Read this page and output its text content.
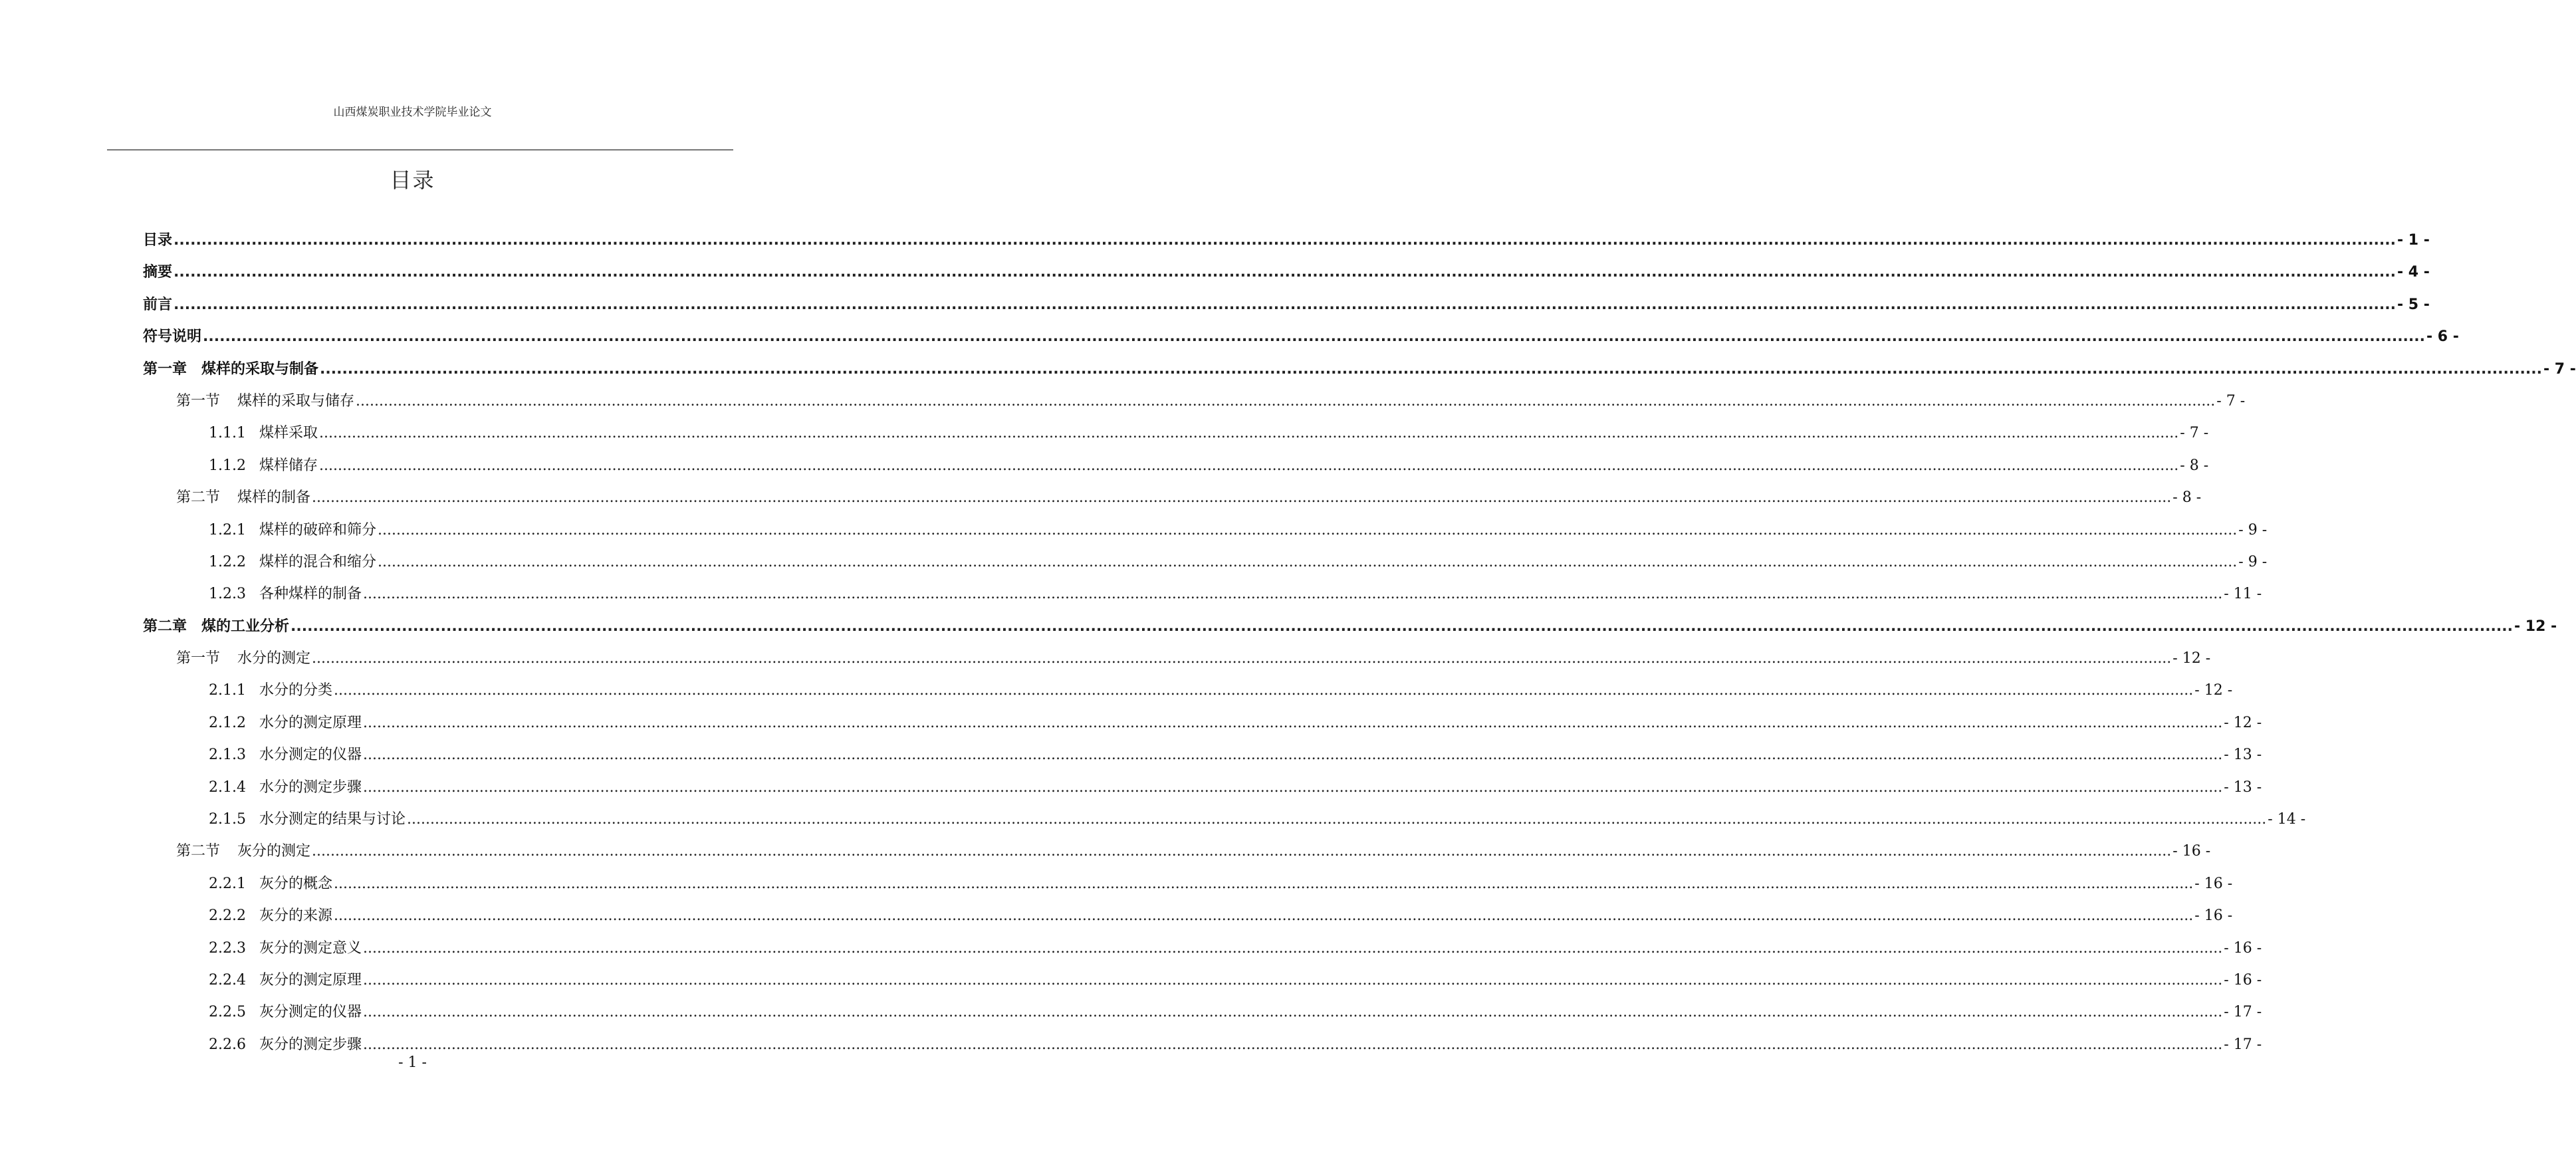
山西煤炭职业技术学院毕业论文
目录
目录 ................................................................................................................................................................................................................................................................................................................................................................................................................ - 1 -
摘要 ................................................................................................................................................................................................................................................................................................................................................................................................................ - 4 -
前言 ................................................................................................................................................................................................................................................................................................................................................................................................................ - 5 -
符号说明 ................................................................................................................................................................................................................................................................................................................................................................................................................ - 6 -
第一章　煤样的采取与制备 ................................................................................................................................................................................................................................................................................................................................................................................................................ - 7 -
第一节 煤样的采取与储存 ................................................................................................................................................................................................................................................................................................................................................................................................................ - 7 -
1.1.1 煤样采取 ................................................................................................................................................................................................................................................................................................................................................................................................................ - 7 -
1.1.2 煤样储存 ................................................................................................................................................................................................................................................................................................................................................................................................................ - 8 -
第二节 煤样的制备 ................................................................................................................................................................................................................................................................................................................................................................................................................ - 8 -
1.2.1 煤样的破碎和筛分 ................................................................................................................................................................................................................................................................................................................................................................................................................ - 9 -
1.2.2 煤样的混合和缩分 ................................................................................................................................................................................................................................................................................................................................................................................................................ - 9 -
1.2.3 各种煤样的制备 ................................................................................................................................................................................................................................................................................................................................................................................................................ - 11 -
第二章　煤的工业分析 ................................................................................................................................................................................................................................................................................................................................................................................................................ - 12 -
第一节 水分的测定 ................................................................................................................................................................................................................................................................................................................................................................................................................ - 12 -
2.1.1 水分的分类 ................................................................................................................................................................................................................................................................................................................................................................................................................ - 12 -
2.1.2 水分的测定原理 ................................................................................................................................................................................................................................................................................................................................................................................................................ - 12 -
2.1.3 水分测定的仪器 ................................................................................................................................................................................................................................................................................................................................................................................................................ - 13 -
2.1.4 水分的测定步骤 ................................................................................................................................................................................................................................................................................................................................................................................................................ - 13 -
2.1.5 水分测定的结果与讨论 ................................................................................................................................................................................................................................................................................................................................................................................................................ - 14 -
第二节 灰分的测定 ................................................................................................................................................................................................................................................................................................................................................................................................................ - 16 -
2.2.1 灰分的概念 ................................................................................................................................................................................................................................................................................................................................................................................................................ - 16 -
2.2.2 灰分的来源 ................................................................................................................................................................................................................................................................................................................................................................................................................ - 16 -
2.2.3 灰分的测定意义 ................................................................................................................................................................................................................................................................................................................................................................................................................ - 16 -
2.2.4 灰分的测定原理 ................................................................................................................................................................................................................................................................................................................................................................................................................ - 16 -
2.2.5 灰分测定的仪器 ................................................................................................................................................................................................................................................................................................................................................................................................................ - 17 -
2.2.6 灰分的测定步骤 ................................................................................................................................................................................................................................................................................................................................................................................................................ - 17 -
- 1 -
